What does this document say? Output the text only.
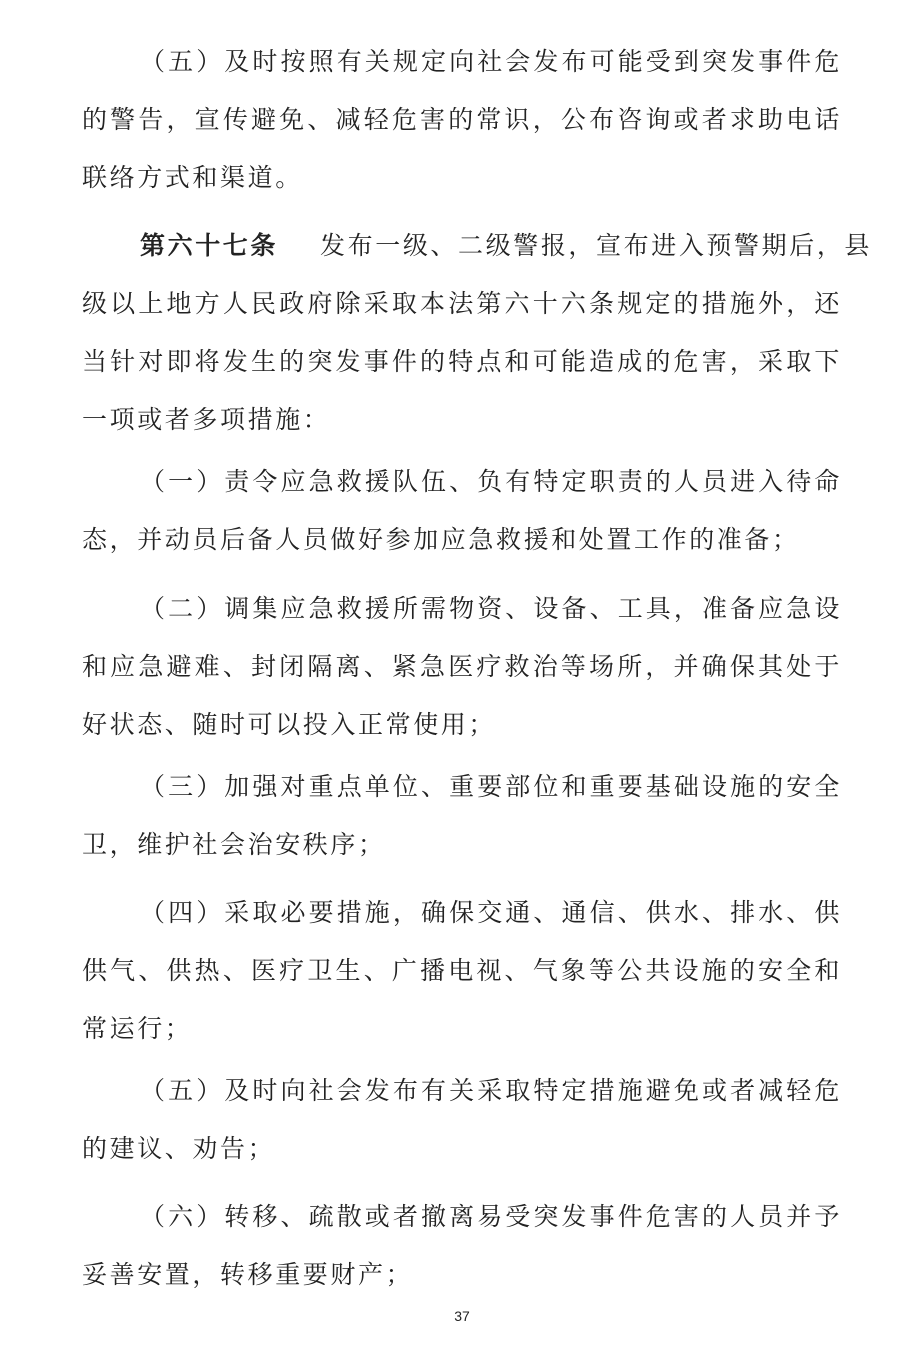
（五）及时按照有关规定向社会发布可能受到突发事件危
的警告，宣传避免、减轻危害的常识，公布咨询或者求助电话
联络方式和渠道。
第六十七条 发布一级、二级警报，宣布进入预警期后，县
级以上地方人民政府除采取本法第六十六条规定的措施外，还
当针对即将发生的突发事件的特点和可能造成的危害，采取下
一项或者多项措施：
（一）责令应急救援队伍、负有特定职责的人员进入待命
态，并动员后备人员做好参加应急救援和处置工作的准备；
（二）调集应急救援所需物资、设备、工具，准备应急设
和应急避难、封闭隔离、紧急医疗救治等场所，并确保其处于
好状态、随时可以投入正常使用；
（三）加强对重点单位、重要部位和重要基础设施的安全
卫，维护社会治安秩序；
（四）采取必要措施，确保交通、通信、供水、排水、供
供气、供热、医疗卫生、广播电视、气象等公共设施的安全和
常运行；
（五）及时向社会发布有关采取特定措施避免或者减轻危
的建议、劝告；
（六）转移、疏散或者撤离易受突发事件危害的人员并予
妥善安置，转移重要财产；
37
